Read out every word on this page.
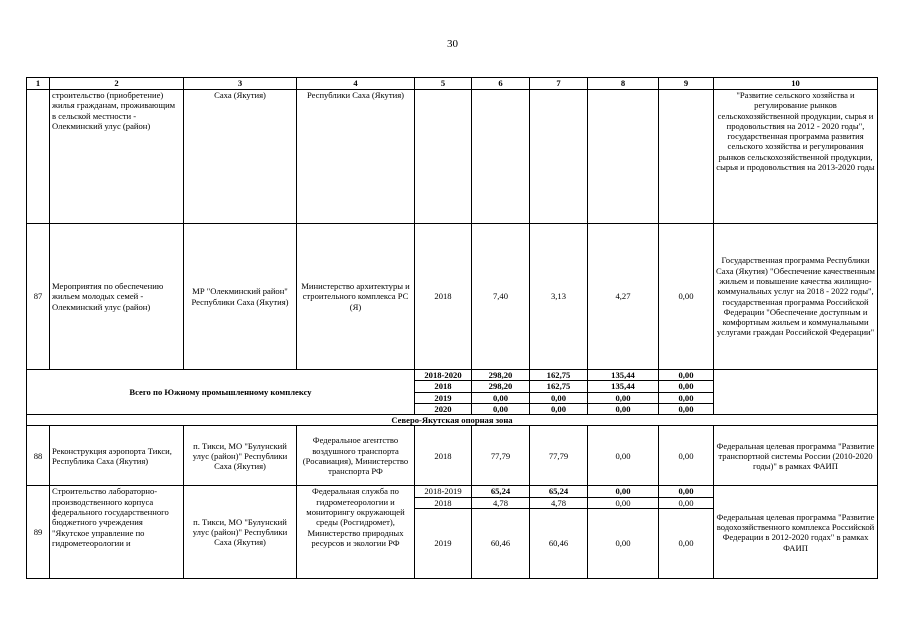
30
1	2	3	4	5	6	7	8	9	10
	строительство (приобретение) жилья гражданам, проживающим в сельской местности - Олекминский улус (район)	Саха (Якутия)	Республики Саха (Якутия)						"Развитие сельского хозяйства и регулирование рынков сельскохозяйственной продукции, сырья и продовольствия на 2012 - 2020 годы", государственная программа развития сельского хозяйства и регулирования рынков сельскохозяйственной продукции, сырья и продовольствия на 2013-2020 годы
87	Мероприятия по обеспечению жильем молодых семей - Олекминский улус (район)	МР "Олекминский район" Республики Саха (Якутия)	Министерство архитектуры и строительного комплекса РС (Я)	2018	7,40	3,13	4,27	0,00	Государственная программа Республики Саха (Якутия) "Обеспечение качественным жильем и повышение качества жилищно-коммунальных услуг на 2018 - 2022 годы", государственная программа Российской Федерации "Обеспечение доступным и комфортным жильем и коммунальными услугами граждан Российской Федерации"
Всего по Южному промышленному комплексу				2018-2020	298,20	162,75	135,44	0,00	
				2018	298,20	162,75	135,44	0,00	
				2019	0,00	0,00	0,00	0,00	
				2020	0,00	0,00	0,00	0,00	
Северо-Якутская опорная зона									
88	Реконструкция аэропорта Тикси, Республика Саха (Якутия)	п. Тикси, МО "Булунский улус (район)" Республики Саха (Якутия)	Федеральное агентство воздушного транспорта (Росавиация), Министерство транспорта РФ	2018	77,79	77,79	0,00	0,00	Федеральная целевая программа "Развитие транспортной системы России (2010-2020 годы)" в рамках ФАИП
89	Строительство лабораторно-производственного корпуса федерального государственного бюджетного учреждения "Якутское управление по гидрометеорологии и	п. Тикси, МО "Булунский улус (район)" Республики Саха (Якутия)	Федеральная служба по гидрометеорологии и мониторингу окружающей среды (Росгидромет), Министерство природных ресурсов и экологии РФ	2018-2019	65,24	65,24	0,00	0,00	Федеральная целевая программа "Развитие водохозяйственного комплекса Российской Федерации в 2012-2020 годах" в рамках ФАИП
				2018	4,78	4,78	0,00	0,00	
				2019	60,46	60,46	0,00	0,00	
